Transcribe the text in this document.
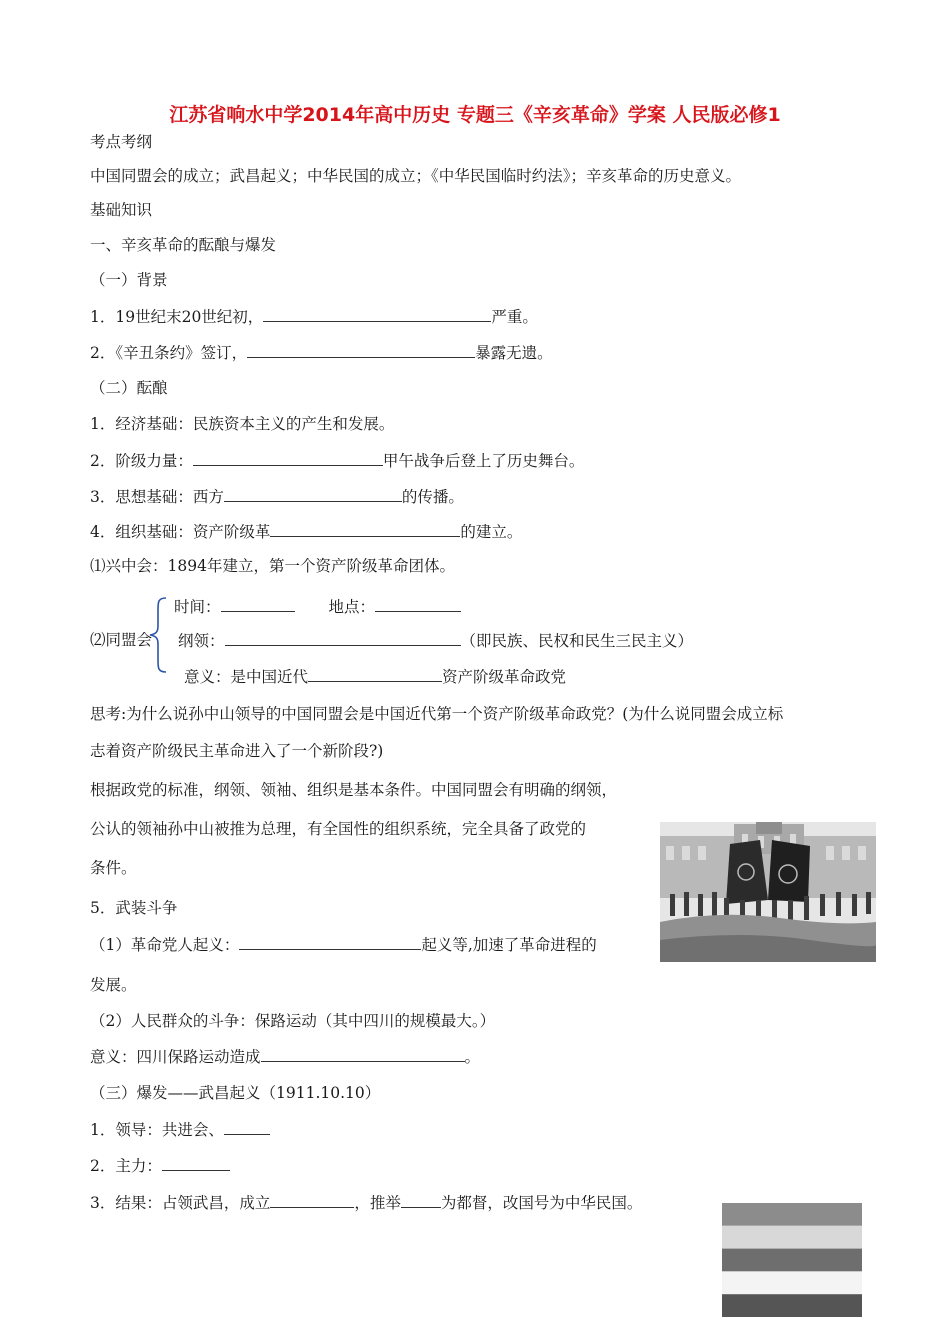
江苏省响水中学2014年高中历史 专题三《辛亥革命》学案 人民版必修1
考点考纲
中国同盟会的成立；武昌起义；中华民国的成立；《中华民国临时约法》；辛亥革命的历史意义。
基础知识
一、辛亥革命的酝酿与爆发
（一）背景
1．19世纪末20世纪初，	严重。
2．《辛丑条约》签订，	暴露无遗。
（二）酝酿
1．经济基础：民族资本主义的产生和发展。
2．阶级力量：	甲午战争后登上了历史舞台。
3．思想基础：西方	的传播。
4．组织基础：资产阶级革	的建立。
⑴兴中会：1894年建立，第一个资产阶级革命团体。
时间：	地点：
⑵同盟会 纲领：	（即民族、民权和民生三民主义）
意义：是中国近代	资产阶级革命政党
思考:为什么说孙中山领导的中国同盟会是中国近代第一个资产阶级革命政党？(为什么说同盟会成立标
志着资产阶级民主革命进入了一个新阶段?)
根据政党的标准，纲领、领袖、组织是基本条件。中国同盟会有明确的纲领，
公认的领袖孙中山被推为总理，有全国性的组织系统，完全具备了政党的
条件。
5．武装斗争
（1）革命党人起义：	起义等,加速了革命进程的
发展。
（2）人民群众的斗争：保路运动（其中四川的规模最大。）
意义：四川保路运动造成	。
（三）爆发——武昌起义（1911.10.10）
1．领导：共进会、
2．主力：
3．结果：占领武昌，成立	，推举	为都督，改国号为中华民国。
